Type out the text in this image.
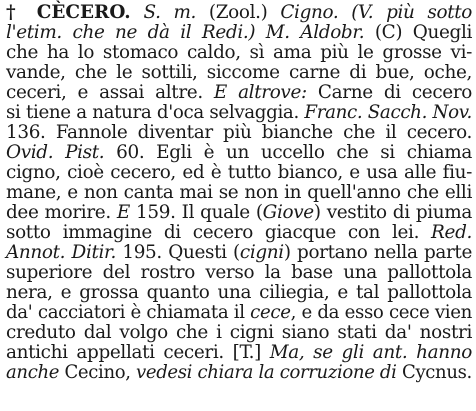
† CÈCERO. S. m. (Zool.) Cigno. (V. più sotto
l'etim. che ne dà il Redi.) M. Aldobr. (C) Quegli
che ha lo stomaco caldo, sì ama più le grosse vi-
vande, che le sottili, siccome carne di bue, oche,
ceceri, e assai altre. E altrove: Carne di cecero
si tiene a natura d'oca selvaggia. Franc. Sacch. Nov.
136. Fannole diventar più bianche che il cecero.
Ovid. Pist. 60. Egli è un uccello che si chiama
cigno, cioè cecero, ed è tutto bianco, e usa alle fiu-
mane, e non canta mai se non in quell'anno che elli
dee morire. E 159. Il quale (Giove) vestito di piuma
sotto immagine di cecero giacque con lei. Red.
Annot. Ditir. 195. Questi (cigni) portano nella parte
superiore del rostro verso la base una pallottola
nera, e grossa quanto una ciliegia, e tal pallottola
da' cacciatori è chiamata il cece, e da esso cece vien
creduto dal volgo che i cigni siano stati da' nostri
antichi appellati ceceri. [T.] Ma, se gli ant. hanno
anche Cecino, vedesi chiara la corruzione di Cycnus.
